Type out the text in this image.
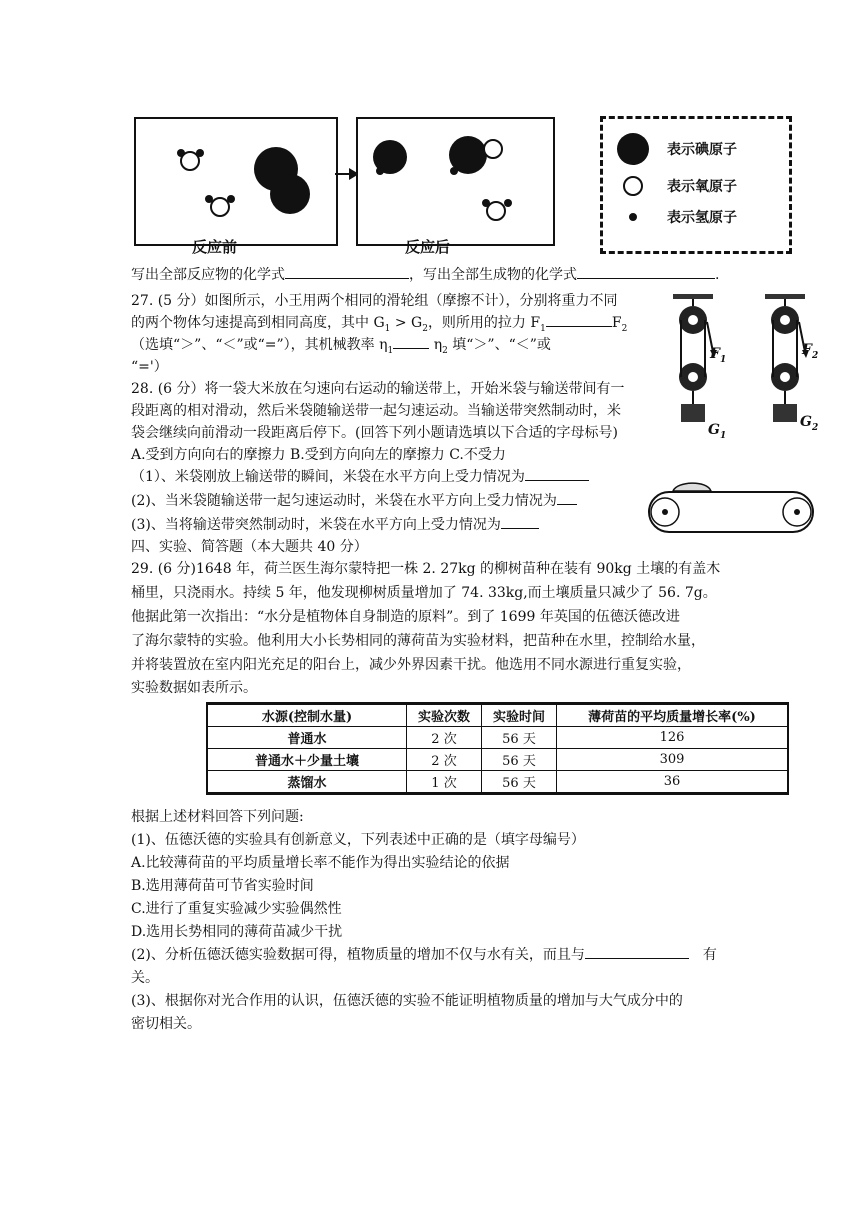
反应前	反应后
表示碘原子
表示氧原子
表示氢原子
写出全部反应物的化学式	，写出全部生成物的化学式	.
27. (5 分）如图所示，小王用两个相同的滑轮组（摩擦不计），分别将重力不同
的两个物体匀速提高到相同高度，其中 $G_1 > G_2$，则所用的拉力 $F_1$	$F_2$
（选填“＞”、“＜”或“=”），其机械教率 $\eta_1$	$\eta_2$ 填“＞”、“＜”或
“='）
$F_1$
$F_2$
$G_1$
$G_2$
28. (6 分）将一袋大米放在匀速向右运动的输送带上，开始米袋与输送带间有一
段距离的相对滑动，然后米袋随输送带一起匀速运动。当输送带突然制动时，米
袋会继续向前滑动一段距离后停下。(回答下列小题请选填以下合适的字母标号)
A.受到方向向右的摩擦力 B.受到方向向左的摩擦力 C.不受力
（1）、米袋刚放上输送带的瞬间，米袋在水平方向上受力情况为
(2)、当米袋随输送带一起匀速运动时，米袋在水平方向上受力情况为
(3)、当将输送带突然制动时，米袋在水平方向上受力情况为
四、实验、简答题（本大题共 40 分）
29. (6 分)1648 年，荷兰医生海尔蒙特把一株 2. 27kg 的柳树苗种在装有 90kg 土壤的有盖木
桶里，只浇雨水。持续 5 年，他发现柳树质量增加了 74. 33kg,而土壤质量只减少了 56. 7g。
他据此第一次指出：“水分是植物体自身制造的原料”。到了 1699 年英国的伍德沃德改进
了海尔蒙特的实验。他利用大小长势相同的薄荷苗为实验材料，把苗种在水里，控制给水量，
并将装置放在室内阳光充足的阳台上，减少外界因素干扰。他选用不同水源进行重复实验，
实验数据如表所示。
水源(控制水量)	实验次数	实验时间	薄荷苗的平均质量增长率(%)
普通水	2 次	56 天	126
普通水＋少量土壤	2 次	56 天	309
蒸馏水	1 次	56 天	36
根据上述材料回答下列问题:
(1)、伍德沃德的实验具有创新意义，下列表述中正确的是（填字母编号）
A.比较薄荷苗的平均质量增长率不能作为得出实验结论的依据
B.选用薄荷苗可节省实验时间
C.进行了重复实验减少实验偶然性
D.选用长势相同的薄荷苗减少干扰
(2)、分析伍德沃德实验数据可得，植物质量的增加不仅与水有关，而且与	有
关。
(3)、根据你对光合作用的认识，伍德沃德的实验不能证明植物质量的增加与大气成分中的
密切相关。
